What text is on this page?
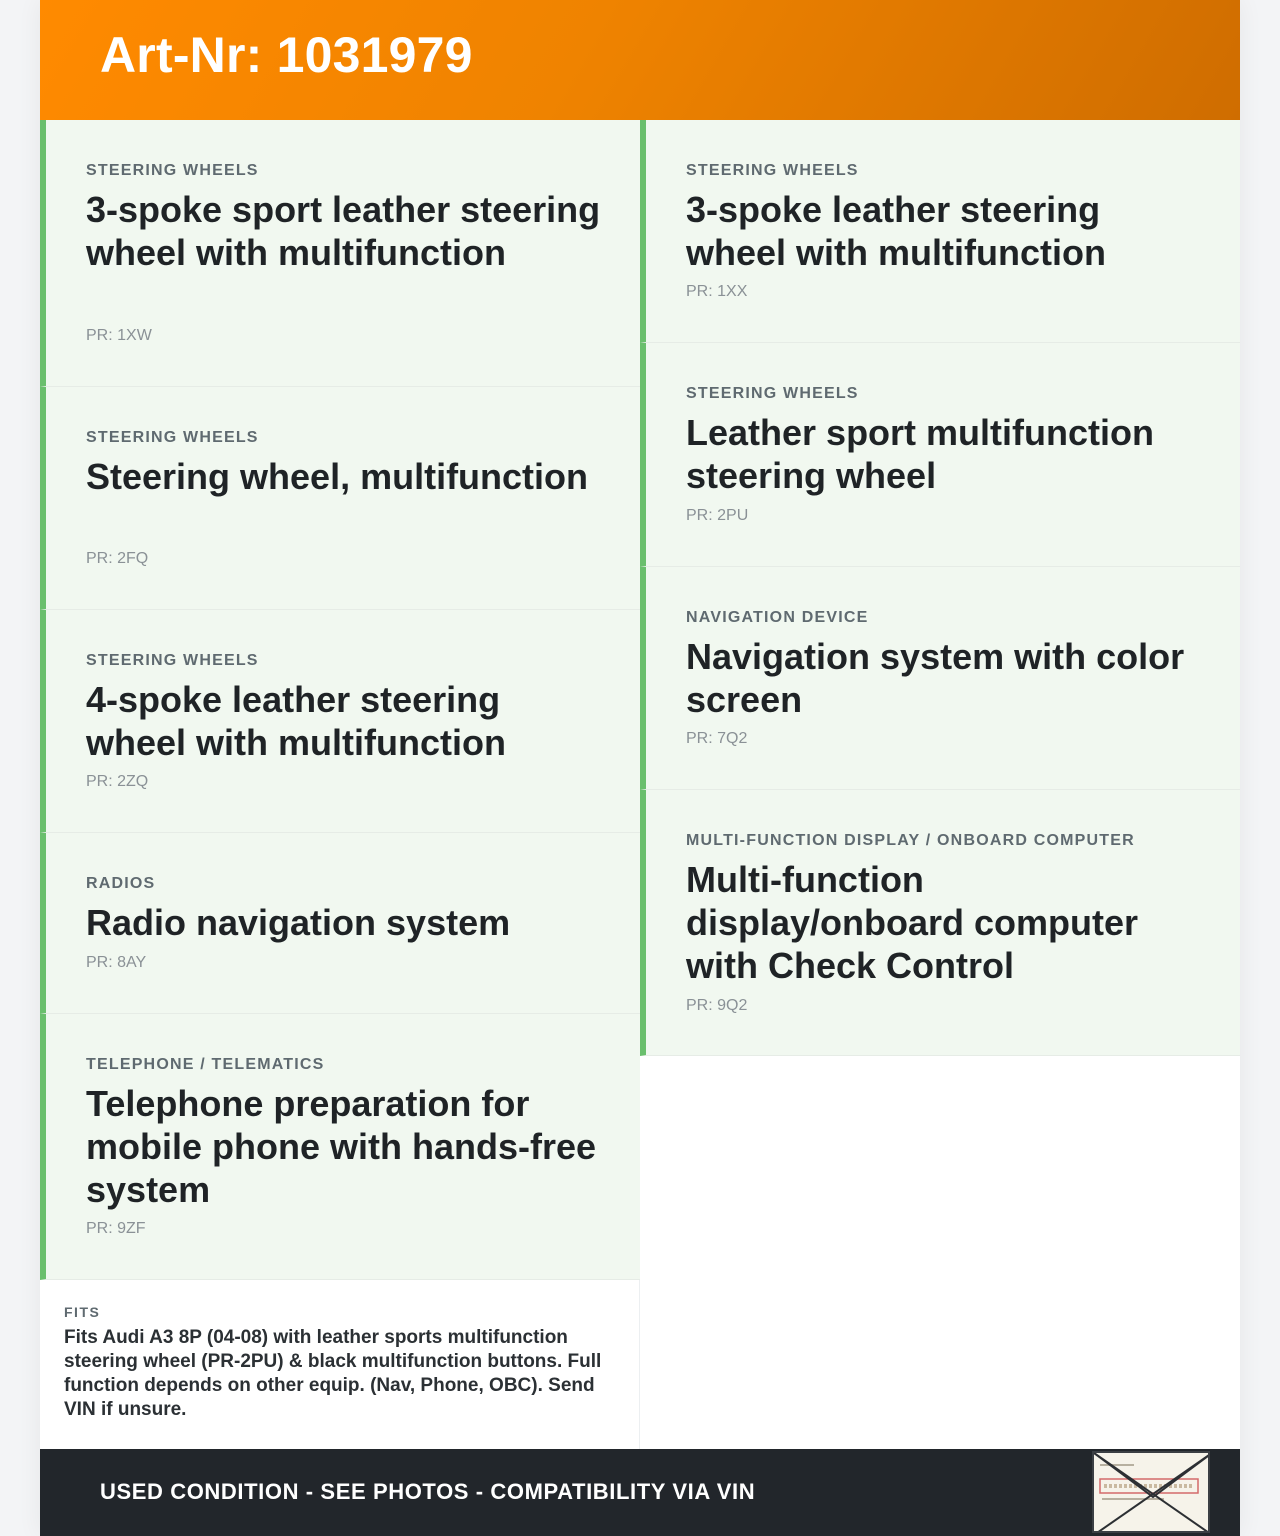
Art-Nr: 1031979
STEERING WHEELS
3-spoke sport leather steering wheel with multifunction
PR: 1XW
STEERING WHEELS
Steering wheel, multifunction
PR: 2FQ
STEERING WHEELS
4-spoke leather steering wheel with multifunction
PR: 2ZQ
RADIOS
Radio navigation system
PR: 8AY
TELEPHONE / TELEMATICS
Telephone preparation for mobile phone with hands-free system
PR: 9ZF
STEERING WHEELS
3-spoke leather steering wheel with multifunction
PR: 1XX
STEERING WHEELS
Leather sport multifunction steering wheel
PR: 2PU
NAVIGATION DEVICE
Navigation system with color screen
PR: 7Q2
MULTI-FUNCTION DISPLAY / ONBOARD COMPUTER
Multi-function display/onboard computer with Check Control
PR: 9Q2
FITS
Fits Audi A3 8P (04-08) with leather sports multifunction steering wheel (PR-2PU) & black multifunction buttons. Full function depends on other equip. (Nav, Phone, OBC). Send VIN if unsure.
USED CONDITION - SEE PHOTOS - COMPATIBILITY VIA VIN
